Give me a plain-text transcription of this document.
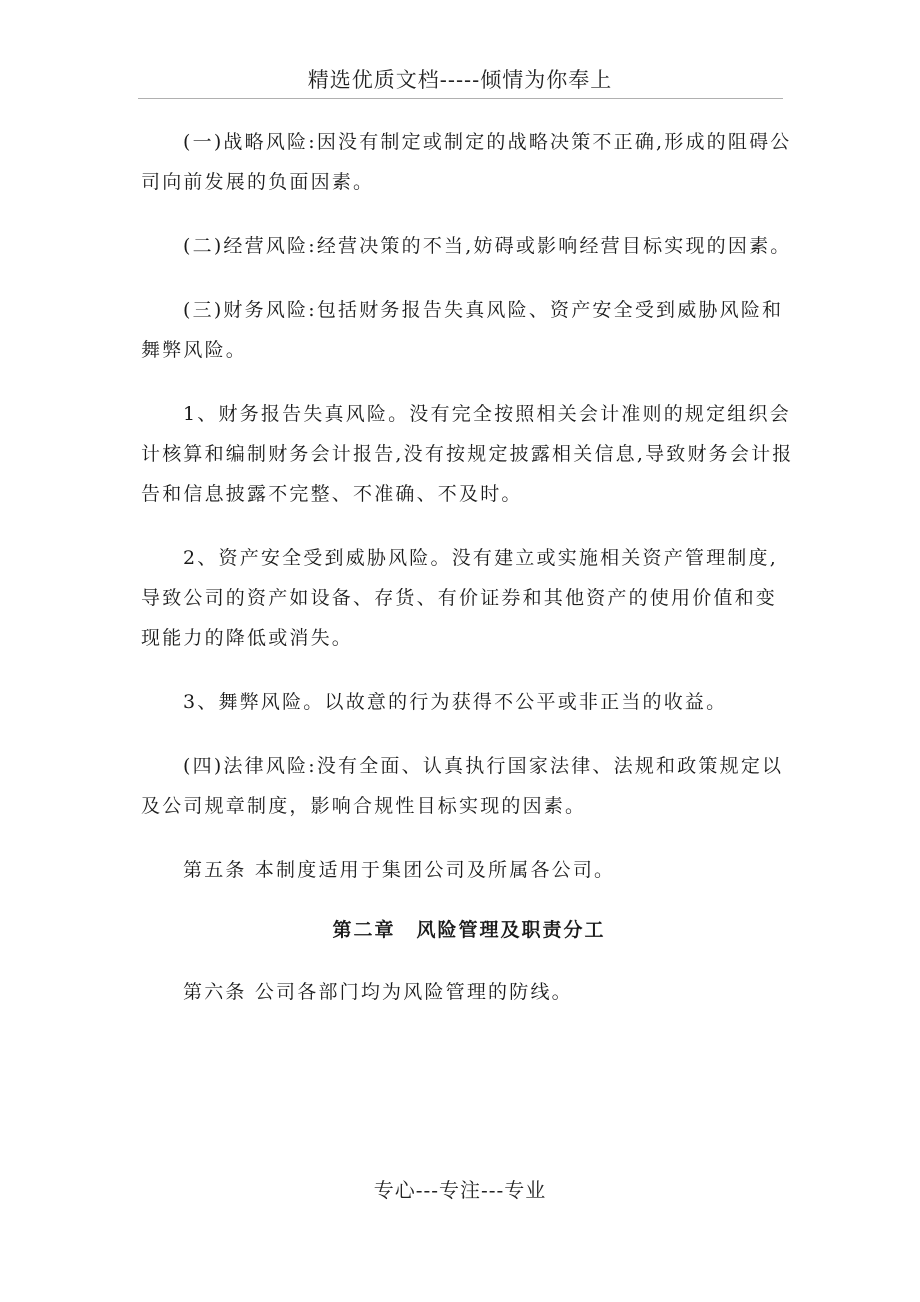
精选优质文档-----倾情为你奉上

(一)战略风险:因没有制定或制定的战略决策不正确,形成的阻碍公司向前发展的负面因素。

(二)经营风险:经营决策的不当,妨碍或影响经营目标实现的因素。

(三)财务风险:包括财务报告失真风险、资产安全受到威胁风险和舞弊风险。

1、财务报告失真风险。没有完全按照相关会计准则的规定组织会计核算和编制财务会计报告,没有按规定披露相关信息,导致财务会计报告和信息披露不完整、不准确、不及时。

2、资产安全受到威胁风险。没有建立或实施相关资产管理制度,导致公司的资产如设备、存货、有价证券和其他资产的使用价值和变现能力的降低或消失。

3、舞弊风险。以故意的行为获得不公平或非正当的收益。

(四)法律风险:没有全面、认真执行国家法律、法规和政策规定以及公司规章制度，影响合规性目标实现的因素。

第五条 本制度适用于集团公司及所属各公司。

第二章　风险管理及职责分工

第六条 公司各部门均为风险管理的防线。

专心---专注---专业
